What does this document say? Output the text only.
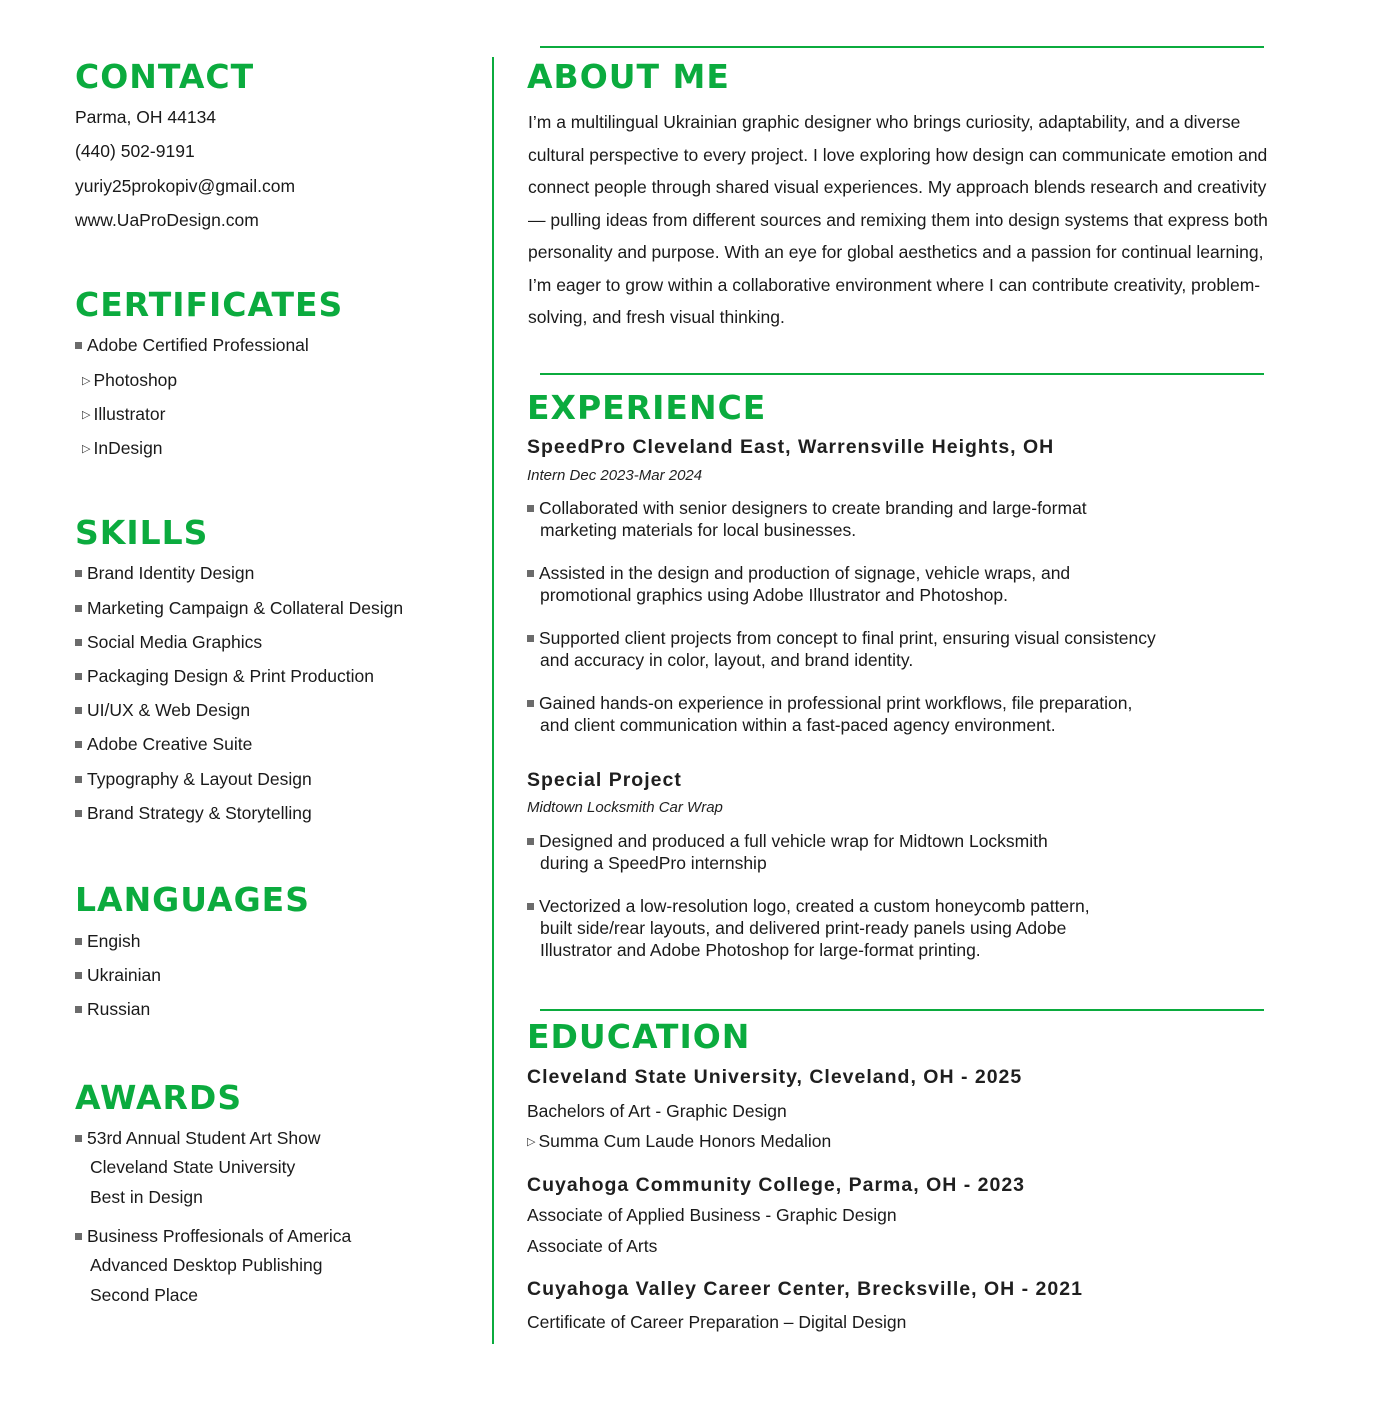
CONTACT

Parma, OH 44134

(440) 502-9191

yuriy25prokopiv@gmail.com

www.UaProDesign.com

CERTIFICATES

Adobe Certified Professional

▷ Photoshop

▷ Illustrator

▷ InDesign

SKILLS

Brand Identity Design

Marketing Campaign & Collateral Design

Social Media Graphics

Packaging Design & Print Production

UI/UX & Web Design

Adobe Creative Suite

Typography & Layout Design

Brand Strategy & Storytelling

LANGUAGES

Engish

Ukrainian

Russian

AWARDS

53rd Annual Student Art Show

Cleveland State University

Best in Design

Business Proffesionals of America

Advanced Desktop Publishing

Second Place

ABOUT ME

I’m a multilingual Ukrainian graphic designer who brings curiosity, adaptability, and a diverse cultural perspective to every project. I love exploring how design can communicate emotion and connect people through shared visual experiences. My approach blends research and creativity — pulling ideas from different sources and remixing them into design systems that express both personality and purpose. With an eye for global aesthetics and a passion for continual learning, I’m eager to grow within a collaborative environment where I can contribute creativity, problem-solving, and fresh visual thinking.

EXPERIENCE

SpeedPro Cleveland East, Warrensville Heights, OH

Intern Dec 2023-Mar 2024

Collaborated with senior designers to create branding and large-format
marketing materials for local businesses.
Assisted in the design and production of signage, vehicle wraps, and
promotional graphics using Adobe Illustrator and Photoshop.
Supported client projects from concept to final print, ensuring visual consistency
and accuracy in color, layout, and brand identity.
Gained hands-on experience in professional print workflows, file preparation,
and client communication within a fast-paced agency environment.

Special Project

Midtown Locksmith Car Wrap

Designed and produced a full vehicle wrap for Midtown Locksmith
during a SpeedPro internship
Vectorized a low-resolution logo, created a custom honeycomb pattern,
built side/rear layouts, and delivered print-ready panels using Adobe
Illustrator and Adobe Photoshop for large-format printing.
EDUCATION

Cleveland State University, Cleveland, OH - 2025

Bachelors of Art - Graphic Design

▷ Summa Cum Laude Honors Medalion

Cuyahoga Community College, Parma, OH - 2023

Associate of Applied Business - Graphic Design

Associate of Arts

Cuyahoga Valley Career Center, Brecksville, OH - 2021

Certificate of Career Preparation – Digital Design
